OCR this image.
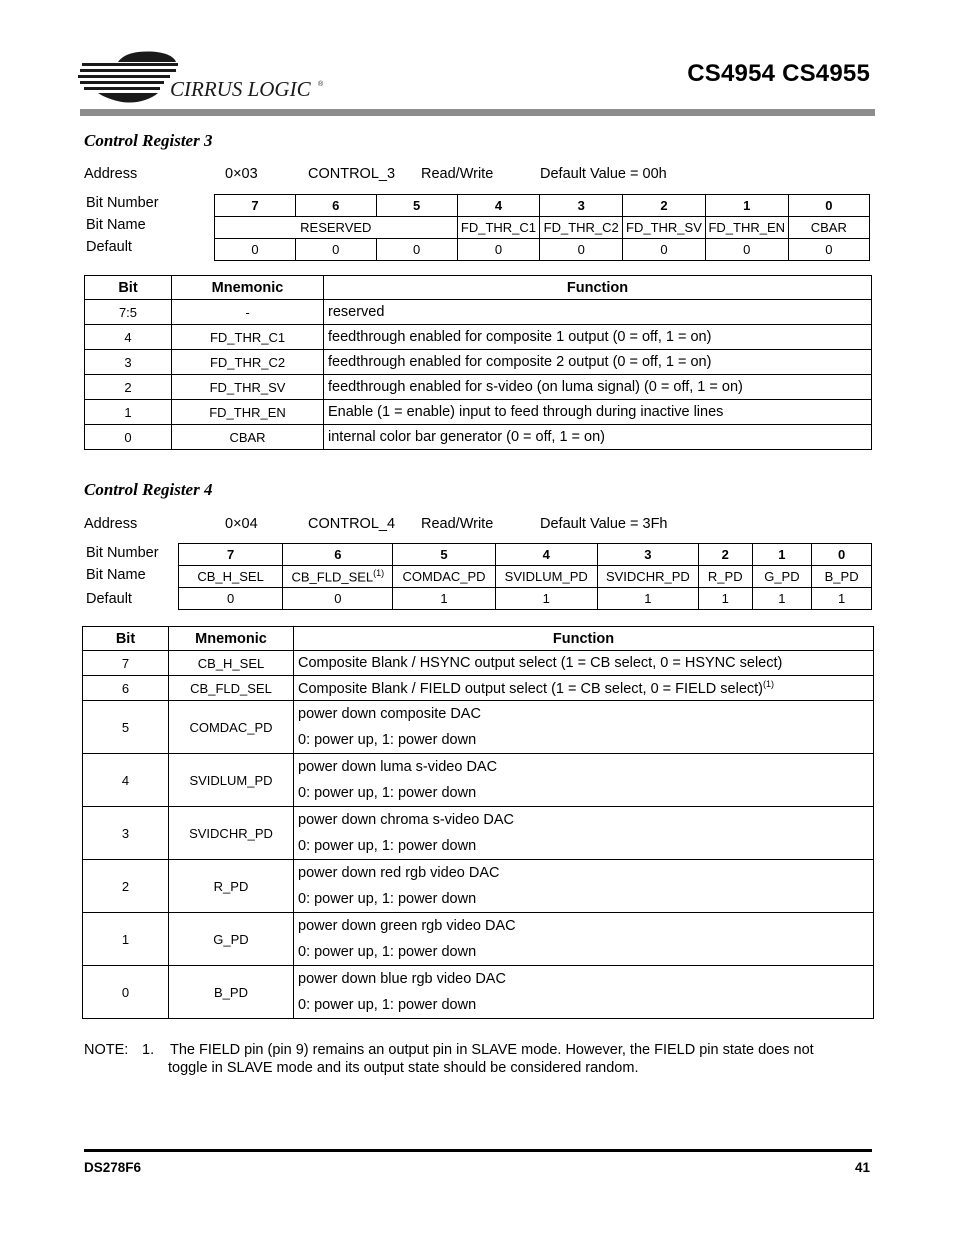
CIRRUS LOGIC ®	CS4954 CS4955
Control Register 3
Address	0×03	CONTROL_3 Read/Write	Default Value = 00h
Bit Number
Bit Name
Default
7	6	5	4	3	2	1	0
RESERVED			FD_THR_C1	FD_THR_C2	FD_THR_SV	FD_THR_EN	CBAR
0	0	0	0	0	0	0	0
Bit	Mnemonic	Function
7:5	-	reserved
4	FD_THR_C1	feedthrough enabled for composite 1 output (0 = off, 1 = on)
3	FD_THR_C2	feedthrough enabled for composite 2 output (0 = off, 1 = on)
2	FD_THR_SV	feedthrough enabled for s-video (on luma signal) (0 = off, 1 = on)
1	FD_THR_EN	Enable (1 = enable) input to feed through during inactive lines
0	CBAR	internal color bar generator (0 = off, 1 = on)
Control Register 4
Address	0×04	CONTROL_4 Read/Write	Default Value = 3Fh
Bit Number
Bit Name
Default
7	6	5	4	3	2	1	0
CB_H_SEL	CB_FLD_SEL$^{(1)}$	COMDAC_PD	SVIDLUM_PD	SVIDCHR_PD	R_PD	G_PD	B_PD
0	0	1	1	1	1	1	1
Bit	Mnemonic	Function
7	CB_H_SEL	Composite Blank / HSYNC output select (1 = CB select, 0 = HSYNC select)
6	CB_FLD_SEL	Composite Blank / FIELD output select (1 = CB select, 0 = FIELD select)$^{(1)}$
5	COMDAC_PD	power down composite DAC
0: power up, 1: power down

4	SVIDLUM_PD	power down luma s-video DAC
0: power up, 1: power down

3	SVIDCHR_PD	power down chroma s-video DAC
0: power up, 1: power down

2	R_PD	power down red rgb video DAC
0: power up, 1: power down

1	G_PD	power down green rgb video DAC
0: power up, 1: power down

0	B_PD	power down blue rgb video DAC
0: power up, 1: power down
NOTE: 1. The FIELD pin (pin 9) remains an output pin in SLAVE mode. However, the FIELD pin state does not
toggle in SLAVE mode and its output state should be considered random.
DS278F6	41
